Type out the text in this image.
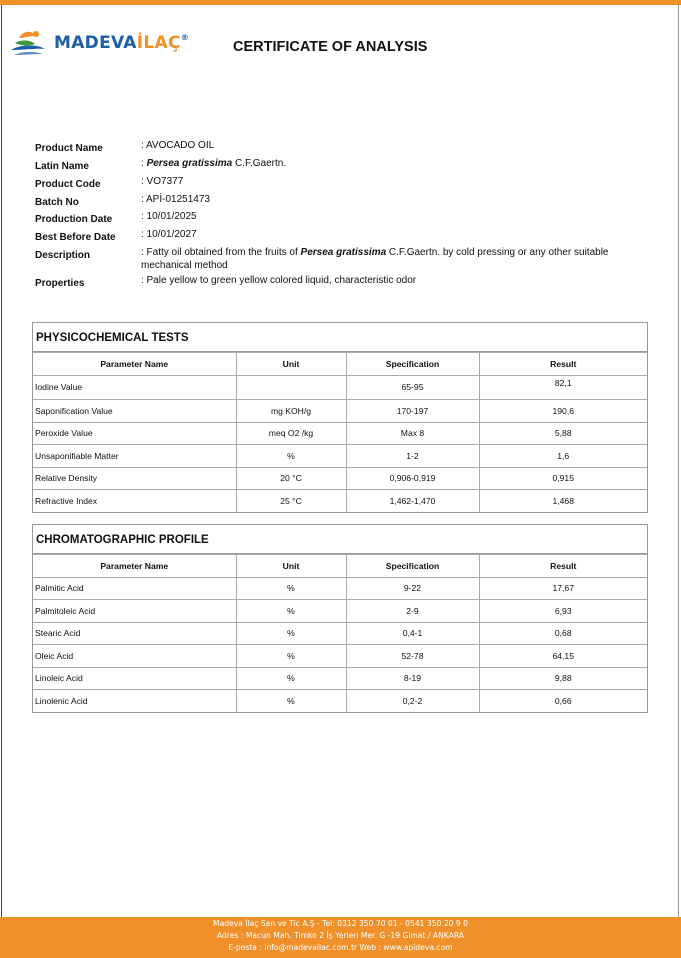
MADEVAİLAÇ®
CERTIFICATE OF ANALYSIS
Product Name	: AVOCADO OIL
Latin Name	: Persea gratissima C.F.Gaertn.
Product Code	: VO7377
Batch No	: APİ-01251473
Production Date	: 10/01/2025
Best Before Date	: 10/01/2027
Description	: Fatty oil obtained from the fruits of Persea gratissima C.F.Gaertn. by cold pressing or any other suitable mechanical method
Properties	: Pale yellow to green yellow colored liquid, characteristic odor
PHYSICOCHEMICAL TESTS
Parameter Name	Unit	Specification	Result
Iodine Value		65-95	82,1
Saponification Value	mg KOH/g	170-197	190,6
Peroxide Value	meq O2 /kg	Max 8	5,88
Unsaponifiable Matter	%	1-2	1,6
Relative Density	20 °C	0,906-0,919	0,915
Refractive Index	25 °C	1,462-1,470	1,468
CHROMATOGRAPHIC PROFILE
Parameter Name	Unit	Specification	Result
Palmitic Acid	%	9-22	17,67
Palmitoleic Acid	%	2-9	6,93
Stearic Acid	%	0,4-1	0,68
Oleic Acid	%	52-78	64,15
Linoleic Acid	%	8-19	9,88
Linolenic Acid	%	0,2-2	0,66
Madeva İlaç San ve Tic A.Ş - Tel: 0312 350 70 01 - 0541 350 20 9 0
Adres : Macun Mah. Timko 2 İş Yerleri Mer. G -19 Gimat / ANKARA
E-posta : info@madevailac.com.tr Web : www.apideva.com
